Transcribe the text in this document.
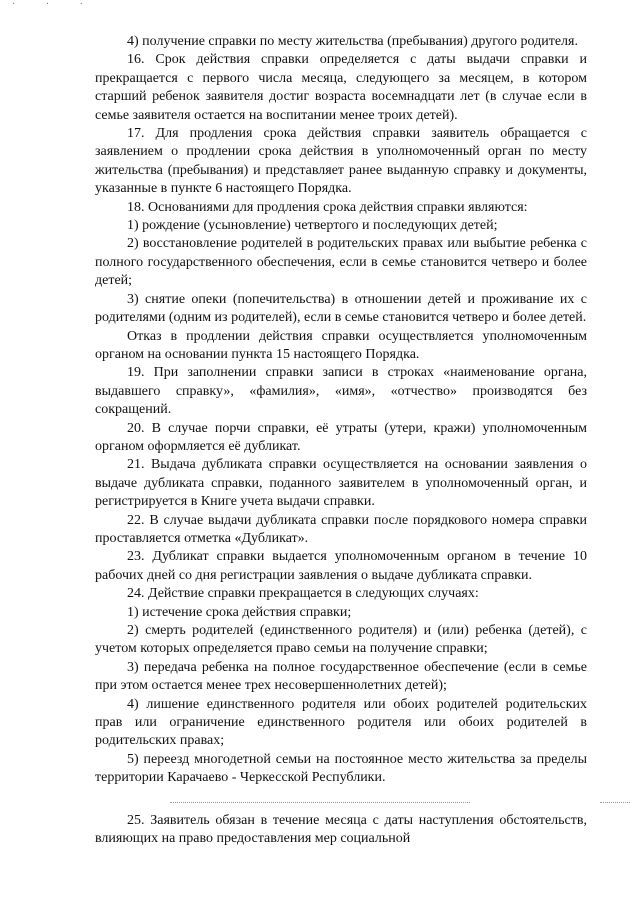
· · ·

4) получение справки по месту жительства (пребывания) другого родителя.

16. Срок действия справки определяется с даты выдачи справки и прекращается с первого числа месяца, следующего за месяцем, в котором старший ребенок заявителя достиг возраста восемнадцати лет (в случае если в семье заявителя остается на воспитании менее троих детей).

17. Для продления срока действия справки заявитель обращается с заявлением о продлении срока действия в уполномоченный орган по месту жительства (пребывания) и представляет ранее выданную справку и документы, указанные в пункте 6 настоящего Порядка.

18. Основаниями для продления срока действия справки являются:

1) рождение (усыновление) четвертого и последующих детей;

2) восстановление родителей в родительских правах или выбытие ребенка с полного государственного обеспечения, если в семье становится четверо и более детей;

3) снятие опеки (попечительства) в отношении детей и проживание их с родителями (одним из родителей), если в семье становится четверо и более детей.

Отказ в продлении действия справки осуществляется уполномоченным органом на основании пункта 15 настоящего Порядка.

19. При заполнении справки записи в строках «наименование органа, выдавшего справку», «фамилия», «имя», «отчество» производятся без сокращений.

20. В случае порчи справки, её утраты (утери, кражи) уполномоченным органом оформляется её дубликат.

21. Выдача дубликата справки осуществляется на основании заявления о выдаче дубликата справки, поданного заявителем в уполномоченный орган, и регистрируется в Книге учета выдачи справки.

22. В случае выдачи дубликата справки после порядкового номера справки проставляется отметка «Дубликат».

23. Дубликат справки выдается уполномоченным органом в течение 10 рабочих дней со дня регистрации заявления о выдаче дубликата справки.

24. Действие справки прекращается в следующих случаях:

1) истечение срока действия справки;

2) смерть родителей (единственного родителя) и (или) ребенка (детей), с учетом которых определяется право семьи на получение справки;

3) передача ребенка на полное государственное обеспечение (если в семье при этом остается менее трех несовершеннолетних детей);

4) лишение единственного родителя или обоих родителей родительских прав или ограничение единственного родителя или обоих родителей в родительских правах;

5) переезд многодетной семьи на постоянное место жительства за пределы территории Карачаево - Черкесской Республики.

25. Заявитель обязан в течение месяца с даты наступления обстоятельств, влияющих на право предоставления мер социальной
